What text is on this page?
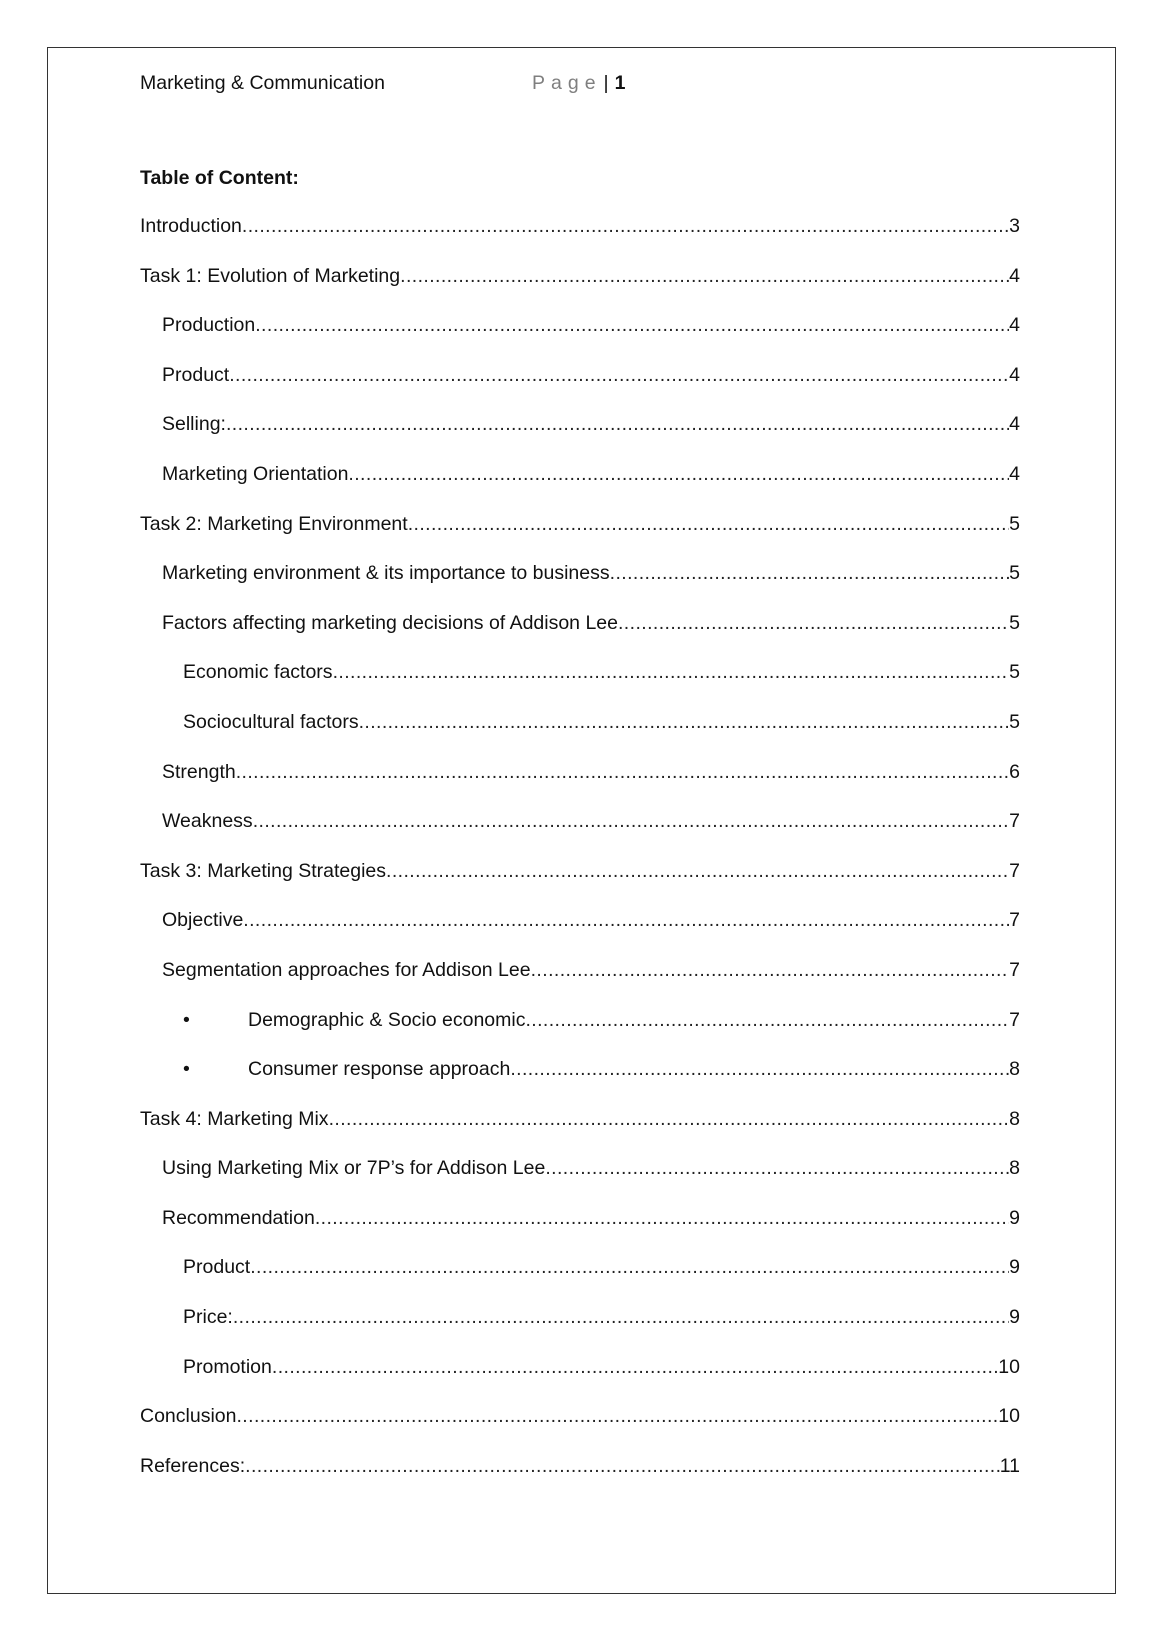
Marketing & Communication	Page | 1
Table of Content:
Introduction .....	3
Task 1: Evolution of Marketing .....	4
Production .....	4
Product .....	4
Selling: .....	4
Marketing Orientation .....	4
Task 2: Marketing Environment .....	5
Marketing environment & its importance to business .....	5
Factors affecting marketing decisions of Addison Lee .....	5
Economic factors .....	5
Sociocultural factors .....	5
Strength .....	6
Weakness .....	7
Task 3: Marketing Strategies .....	7
Objective .....	7
Segmentation approaches for Addison Lee .....	7
•	Demographic & Socio economic .....	7
•	Consumer response approach .....	8
Task 4: Marketing Mix .....	8
Using Marketing Mix or 7P’s for Addison Lee .....	8
Recommendation .....	9
Product .....	9
Price: .....	9
Promotion .....	10
Conclusion .....	10
References: .....	11
